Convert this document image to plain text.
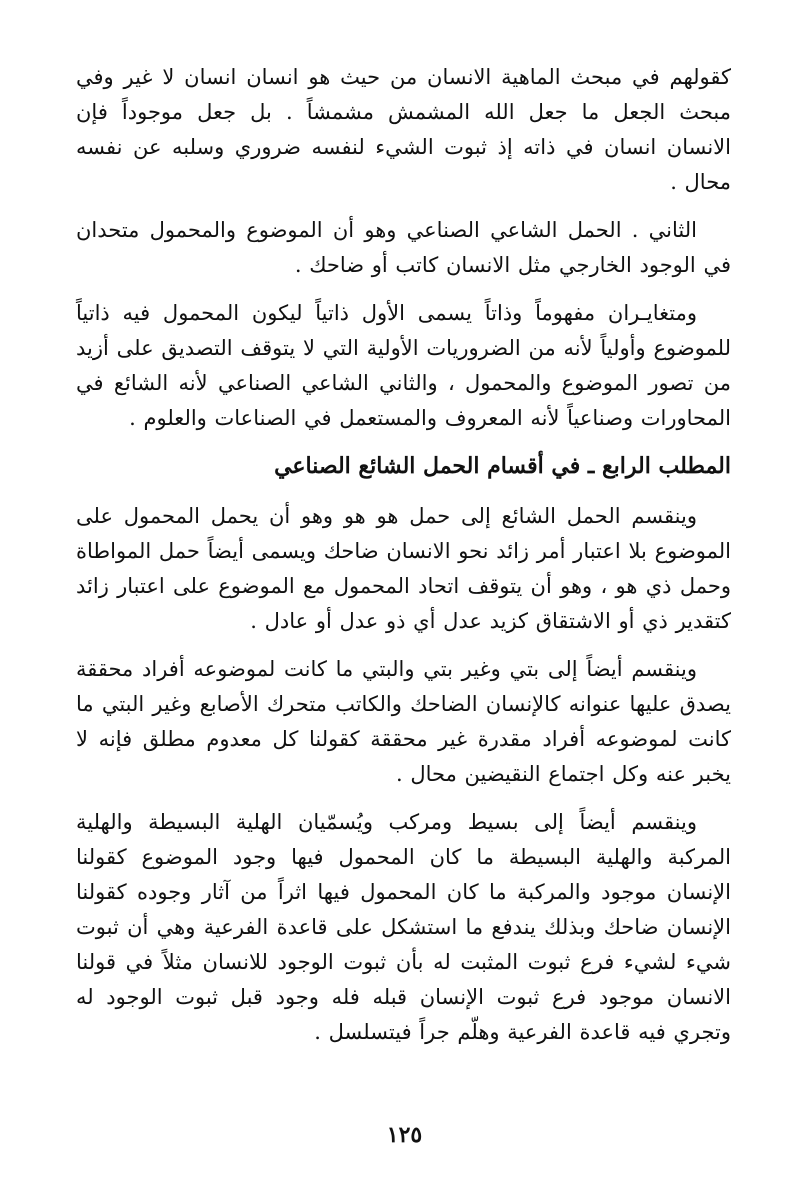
كقولهم في مبحث الماهية الانسان من حيث هو انسان انسان لا غير وفي مبحث الجعل ما جعل الله المشمش مشمشاً . بل جعل موجوداً فإن الانسان انسان في ذاته إذ ثبوت الشيء لنفسه ضروري وسلبه عن نفسه محال .

الثاني . الحمل الشاعي الصناعي وهو أن الموضوع والمحمول متحدان في الوجود الخارجي مثل الانسان كاتب أو ضاحك .

ومتغايـران مفهوماً وذاتاً يسمى الأول ذاتياً ليكون المحمول فيه ذاتياً للموضوع وأولياً لأنه من الضروريات الأولية التي لا يتوقف التصديق على أزيد من تصور الموضوع والمحمول ، والثاني الشاعي الصناعي لأنه الشائع في المحاورات وصناعياً لأنه المعروف والمستعمل في الصناعات والعلوم .

المطلب الرابع ـ في أقسام الحمل الشائع الصناعي

وينقسم الحمل الشائع إلى حمل هو هو وهو أن يحمل المحمول على الموضوع بلا اعتبار أمر زائد نحو الانسان ضاحك ويسمى أيضاً حمل المواطاة وحمل ذي هو ، وهو أن يتوقف اتحاد المحمول مع الموضوع على اعتبار زائد كتقدير ذي أو الاشتقاق كزيد عدل أي ذو عدل أو عادل .

وينقسم أيضاً إلى بتي وغير بتي والبتي ما كانت لموضوعه أفراد محققة يصدق عليها عنوانه كالإنسان الضاحك والكاتب متحرك الأصابع وغير البتي ما كانت لموضوعه أفراد مقدرة غير محققة كقولنا كل معدوم مطلق فإنه لا يخبر عنه وكل اجتماع النقيضين محال .

وينقسم أيضاً إلى بسيط ومركب ويُسمّيان الهلية البسيطة والهلية المركبة والهلية البسيطة ما كان المحمول فيها وجود الموضوع كقولنا الإنسان موجود والمركبة ما كان المحمول فيها اثراً من آثار وجوده كقولنا الإنسان ضاحك وبذلك يندفع ما استشكل على قاعدة الفرعية وهي أن ثبوت شيء لشيء فرع ثبوت المثبت له بأن ثبوت الوجود للانسان مثلاً في قولنا الانسان موجود فرع ثبوت الإنسان قبله فله وجود قبل ثبوت الوجود له وتجري فيه قاعدة الفرعية وهلّم جراً فيتسلسل .

١٢٥
